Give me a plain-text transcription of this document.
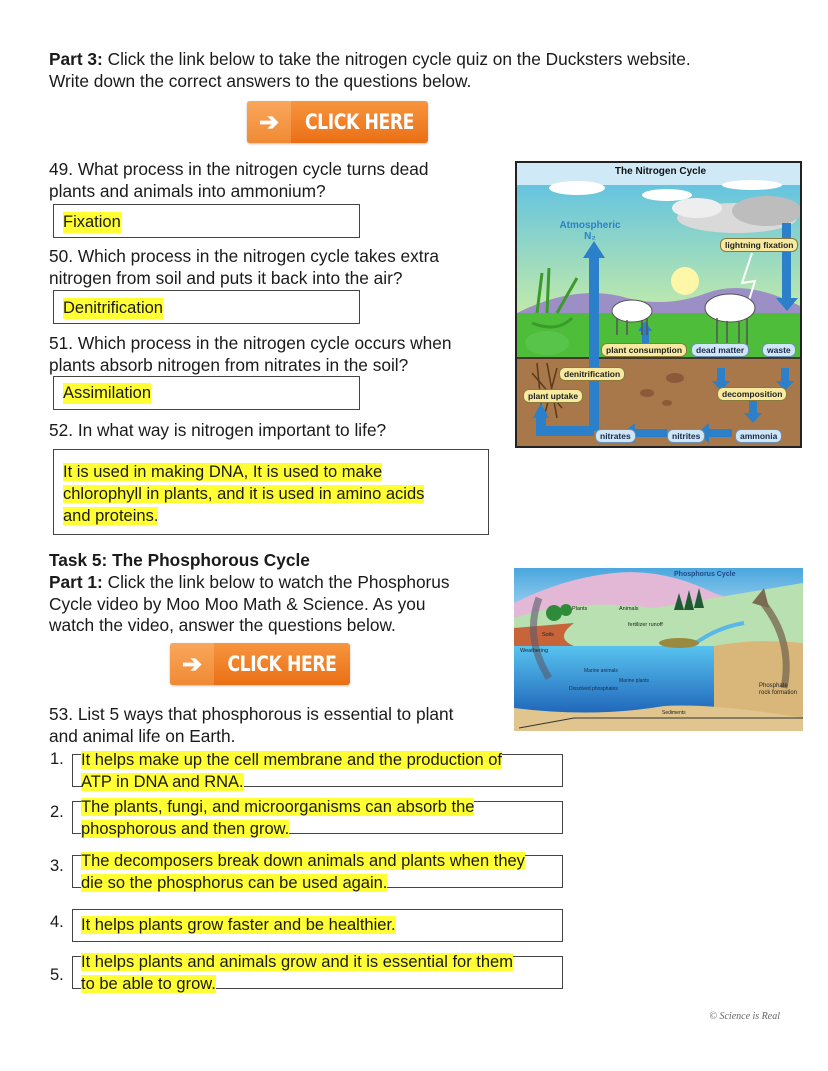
Part 3: Click the link below to take the nitrogen cycle quiz on the Ducksters website.
Write down the correct answers to the questions below.
➔	CLICK HERE
49. What process in the nitrogen cycle turns dead
plants and animals into ammonium?
Fixation
50. Which process in the nitrogen cycle takes extra
nitrogen from soil and puts it back into the air?
Denitrification
51. Which process in the nitrogen cycle occurs when
plants absorb nitrogen from nitrates in the soil?
Assimilation
52. In what way is nitrogen important to life?
It is used in making DNA, It is used to make
chlorophyll in plants, and it is used in amino acids
and proteins.
The Nitrogen Cycle
Atmospheric
N₂
lightning fixation
plant consumption	dead matter	waste
denitrification
plant uptake	decomposition
nitrates	nitrites	ammonia
Task 5: The Phosphorous Cycle
Part 1: Click the link below to watch the Phosphorus
Cycle video by Moo Moo Math & Science. As you
watch the video, answer the questions below.
➔	CLICK HERE
Phosphorus Cycle
Plants	Animals
fertilizer runoff
Soils
Weathering
Marine animals
Marine plants
Dissolved phosphates
Sediments
Phosphate
rock formation
53. List 5 ways that phosphorous is essential to plant
and animal life on Earth.
1. It helps make up the cell membrane and the production of
ATP in DNA and RNA.
2. The plants, fungi, and microorganisms can absorb the
phosphorous and then grow.
3. The decomposers break down animals and plants when they
die so the phosphorus can be used again.
4. It helps plants grow faster and be healthier.
5.
It helps plants and animals grow and it is essential for them
to be able to grow.
© Science is Real
